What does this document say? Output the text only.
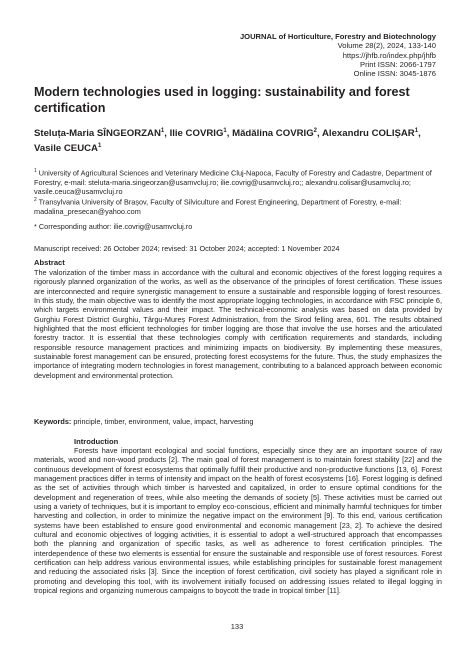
JOURNAL of Horticulture, Forestry and Biotechnology
Volume 28(2), 2024, 133-140
https://jhfb.ro/index.php/jhfb
Print ISSN: 2066-1797
Online ISSN: 3045-1876
Modern technologies used in logging: sustainability and forest certification
Steluța-Maria SÎNGEORZAN$^1$, Ilie COVRIG$^1$, Mădălina COVRIG$^2$, Alexandru COLIȘAR$^1$, Vasile CEUCA$^1$
$^1$ University of Agricultural Sciences and Veterinary Medicine Cluj-Napoca, Faculty of Forestry and Cadastre, Department of Forestry, e-mail: steluta-maria.singeorzan@usamvcluj.ro; ilie.covrig@usamvcluj.ro;; alexandru.colisar@usamvcluj.ro; vasile.ceuca@usamvcluj.ro
$^2$ Transylvania University of Brașov, Faculty of Silviculture and Forest Engineering, Department of Forestry, e-mail: madalina_presecan@yahoo.com
* Corresponding author: ilie.covrig@usamvcluj.ro
Manuscript received: 26 October 2024; revised: 31 October 2024; accepted: 1 November 2024
Abstract
The valorization of the timber mass in accordance with the cultural and economic objectives of the forest logging requires a rigorously planned organization of the works, as well as the observance of the principles of forest certification. These issues are interconnected and require synergistic management to ensure a sustainable and responsible logging of forest resources. In this study, the main objective was to identify the most appropriate logging technologies, in accordance with FSC principle 6, which targets environmental values and their impact. The technical-economic analysis was based on data provided by Gurghiu Forest District Gurghiu, Târgu-Mureș Forest Administration, from the Sirod felling area, 601. The results obtained highlighted that the most efficient technologies for timber logging are those that involve the use horses and the articulated forestry tractor. It is essential that these technologies comply with certification requirements and standards, including responsible resource management practices and minimizing impacts on biodiversity. By implementing these measures, sustainable forest management can be ensured, protecting forest ecosystems for the future. Thus, the study emphasizes the importance of integrating modern technologies in forest management, contributing to a balanced approach between economic development and environmental protection.
Keywords: principle, timber, environment, value, impact, harvesting
Introduction
Forests have important ecological and social functions, especially since they are an important source of raw materials, wood and non-wood products [2]. The main goal of forest management is to maintain forest stability [22] and the continuous development of forest ecosystems that optimally fulfill their productive and non-productive functions [13, 6]. Forest management practices differ in terms of intensity and impact on the health of forest ecosystems [16]. Forest logging is defined as the set of activities through which timber is harvested and capitalized, in order to ensure optimal conditions for the development and regeneration of trees, while also meeting the demands of society [5]. These activities must be carried out using a variety of techniques, but it is important to employ eco-conscious, efficient and minimally harmful techniques for timber harvesting and collection, in order to minimize the negative impact on the environment [9]. To this end, various certification systems have been established to ensure good environmental and economic management [23, 2]. To achieve the desired cultural and economic objectives of logging activities, it is essential to adopt a well-structured approach that encompasses both the planning and organization of specific tasks, as well as adherence to forest certification principles. The interdependence of these two elements is essential for ensure the sustainable and responsible use of forest resources. Forest certification can help address various environmental issues, while establishing principles for sustainable forest management and reducing the associated risks [3]. Since the inception of forest certification, civil society has played a significant role in promoting and developing this tool, with its involvement initially focused on addressing issues related to illegal logging in tropical regions and organizing numerous campaigns to boycott the trade in tropical timber [11].
133
